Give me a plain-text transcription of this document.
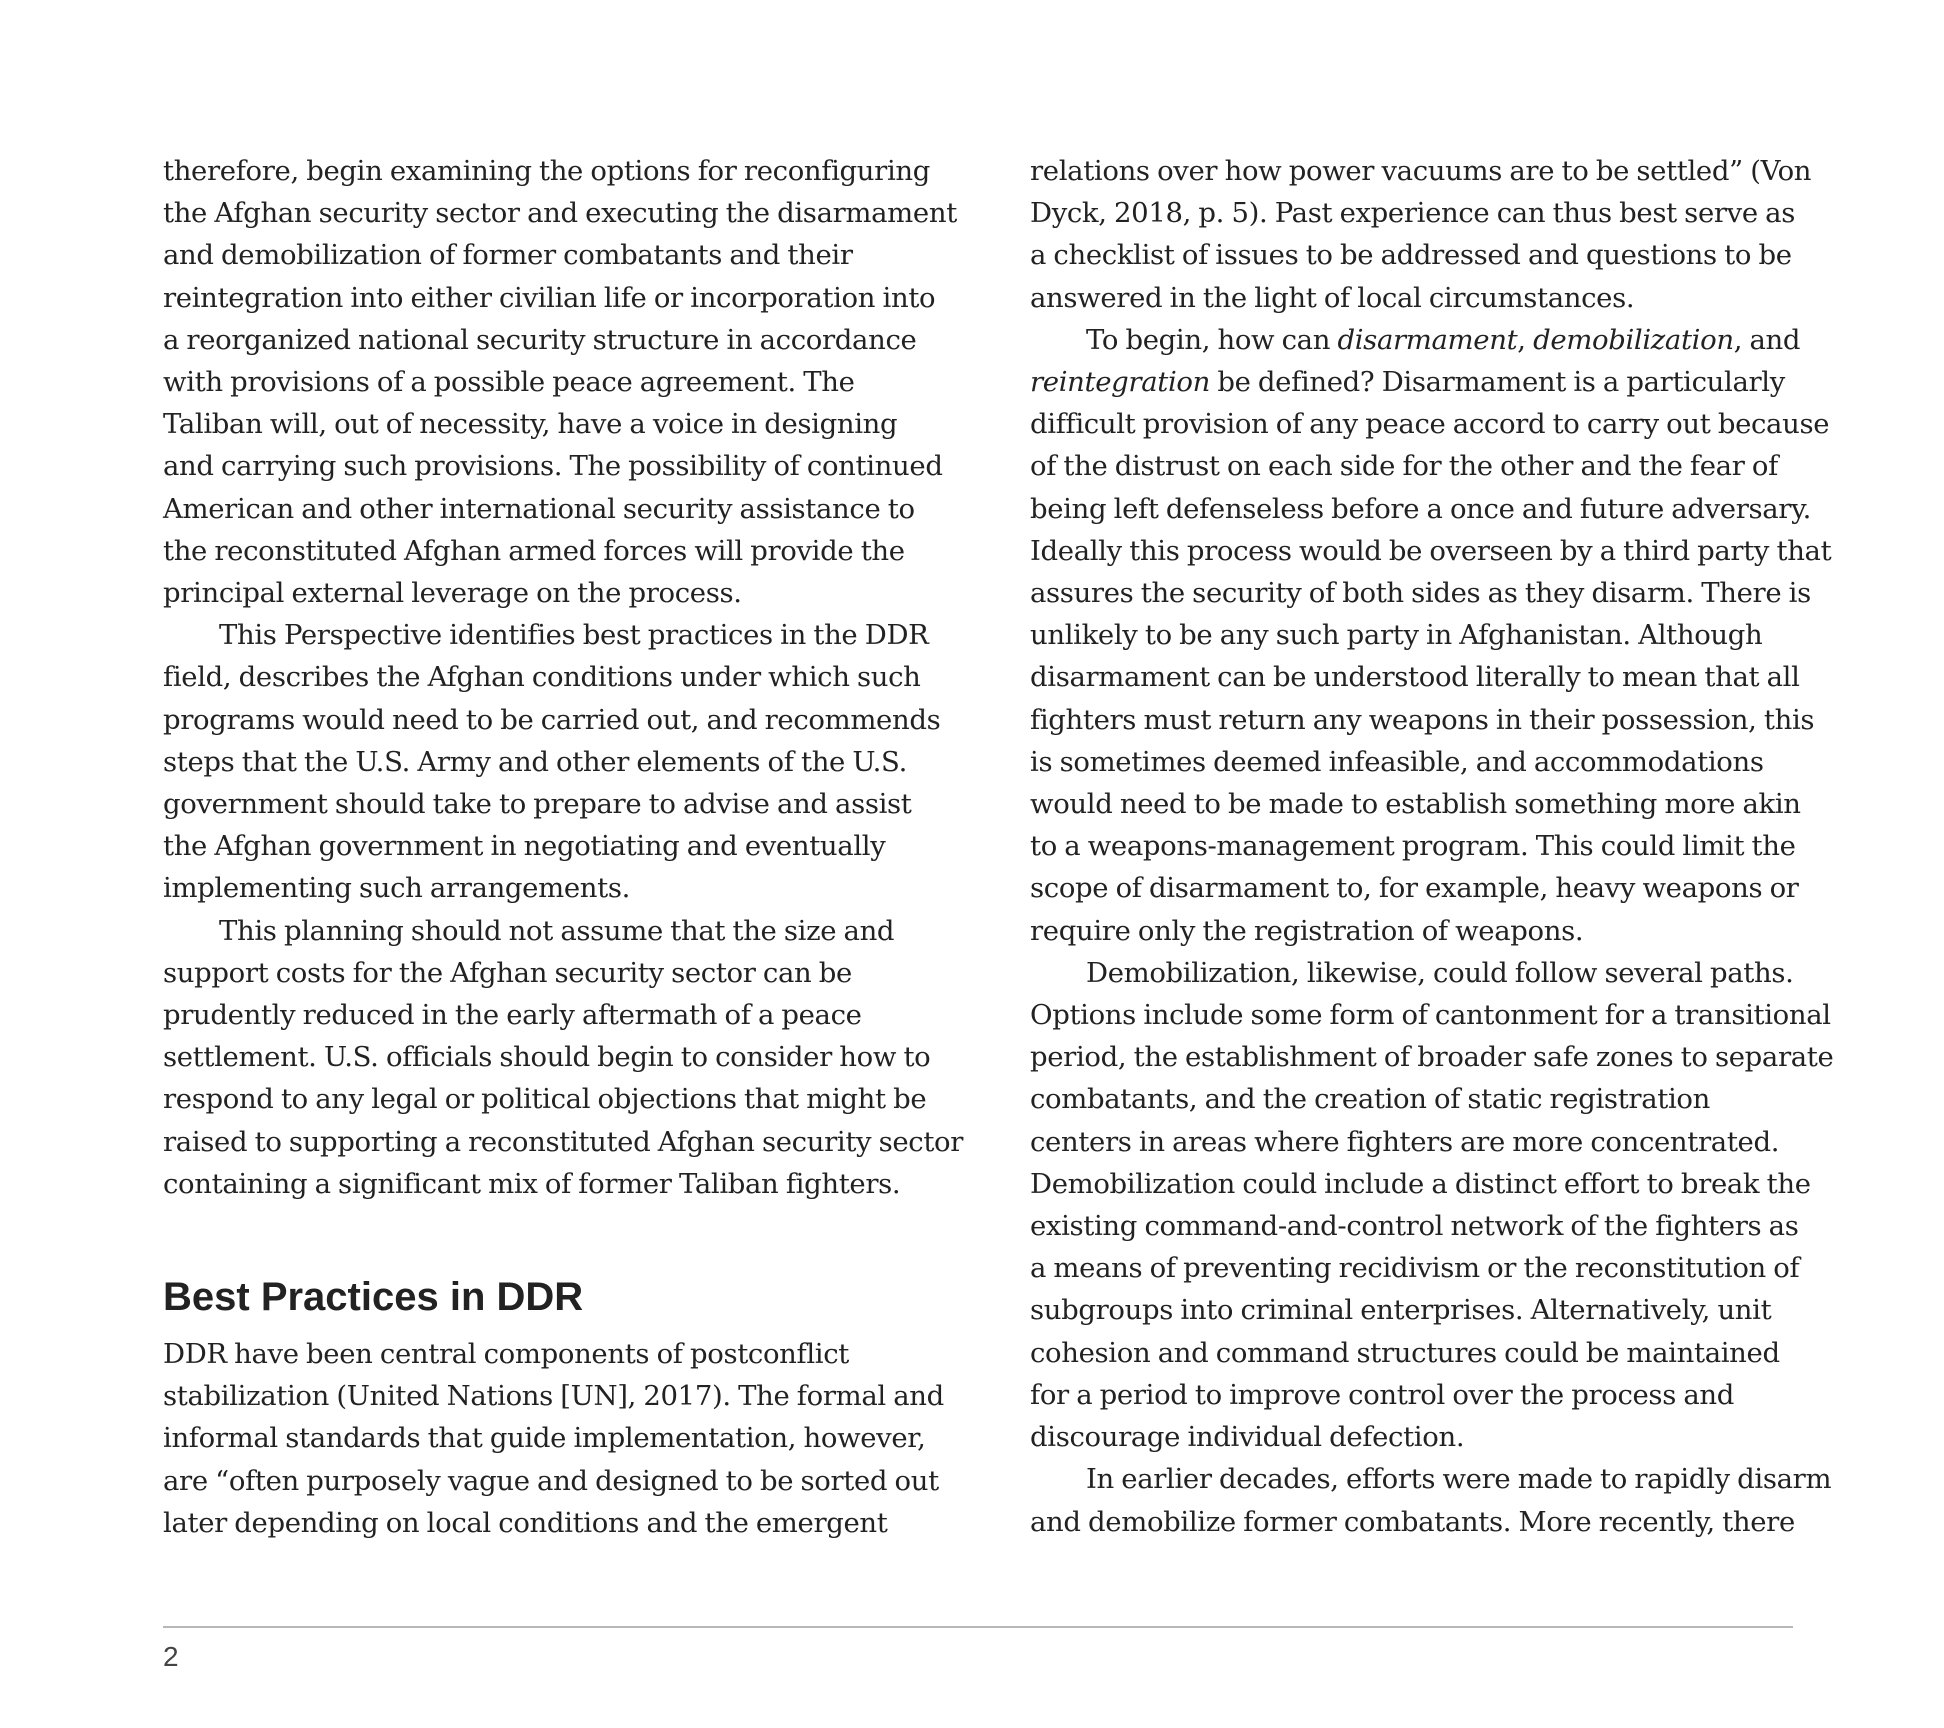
therefore, begin examining the options for reconfiguring
the Afghan security sector and executing the disarmament
and demobilization of former combatants and their
reintegration into either civilian life or incorporation into
a reorganized national security structure in accordance
with provisions of a possible peace agreement. The
Taliban will, out of necessity, have a voice in designing
and carrying such provisions. The possibility of continued
American and other international security assistance to
the reconstituted Afghan armed forces will provide the
principal external leverage on the process.
This Perspective identifies best practices in the DDR
field, describes the Afghan conditions under which such
programs would need to be carried out, and recommends
steps that the U.S. Army and other elements of the U.S.
government should take to prepare to advise and assist
the Afghan government in negotiating and eventually
implementing such arrangements.
This planning should not assume that the size and
support costs for the Afghan security sector can be
prudently reduced in the early aftermath of a peace
settlement. U.S. officials should begin to consider how to
respond to any legal or political objections that might be
raised to supporting a reconstituted Afghan security sector
containing a significant mix of former Taliban fighters.
Best Practices in DDR
DDR have been central components of postconflict
stabilization (United Nations [UN], 2017). The formal and
informal standards that guide implementation, however,
are “often purposely vague and designed to be sorted out
later depending on local conditions and the emergent
relations over how power vacuums are to be settled” (Von
Dyck, 2018, p. 5). Past experience can thus best serve as
a checklist of issues to be addressed and questions to be
answered in the light of local circumstances.
To begin, how can disarmament, demobilization, and
reintegration be defined? Disarmament is a particularly
difficult provision of any peace accord to carry out because
of the distrust on each side for the other and the fear of
being left defenseless before a once and future adversary.
Ideally this process would be overseen by a third party that
assures the security of both sides as they disarm. There is
unlikely to be any such party in Afghanistan. Although
disarmament can be understood literally to mean that all
fighters must return any weapons in their possession, this
is sometimes deemed infeasible, and accommodations
would need to be made to establish something more akin
to a weapons-management program. This could limit the
scope of disarmament to, for example, heavy weapons or
require only the registration of weapons.
Demobilization, likewise, could follow several paths.
Options include some form of cantonment for a transitional
period, the establishment of broader safe zones to separate
combatants, and the creation of static registration
centers in areas where fighters are more concentrated.
Demobilization could include a distinct effort to break the
existing command-and-control network of the fighters as
a means of preventing recidivism or the reconstitution of
subgroups into criminal enterprises. Alternatively, unit
cohesion and command structures could be maintained
for a period to improve control over the process and
discourage individual defection.
In earlier decades, efforts were made to rapidly disarm
and demobilize former combatants. More recently, there
2
